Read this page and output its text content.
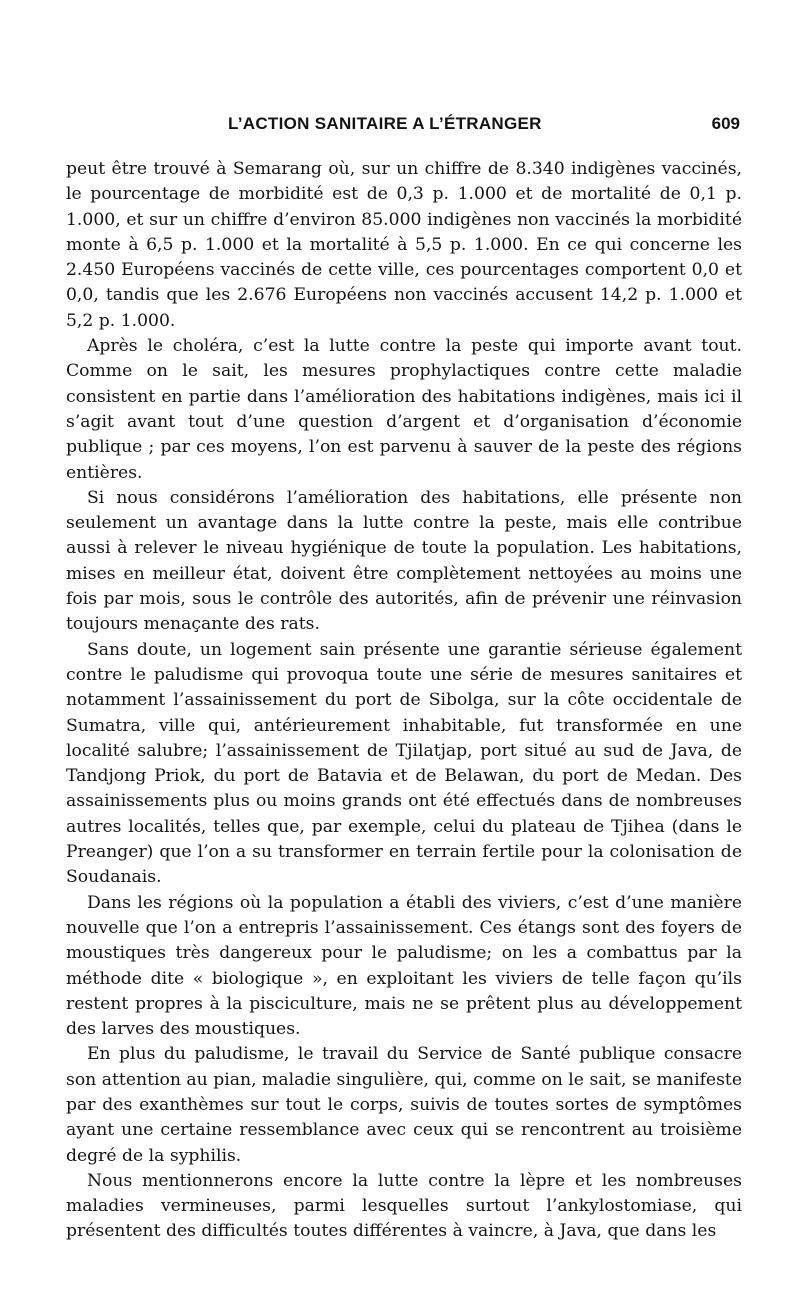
L’ACTION SANITAIRE A L’ÉTRANGER	609

peut être trouvé à Semarang où, sur un chiffre de 8.340 indigènes vaccinés, le pourcentage de morbidité est de 0,3 p. 1.000 et de mortalité de 0,1 p. 1.000, et sur un chiffre d’environ 85.000 indigènes non vaccinés la morbidité monte à 6,5 p. 1.000 et la mortalité à 5,5 p. 1.000. En ce qui concerne les 2.450 Européens vaccinés de cette ville, ces pourcentages comportent 0,0 et 0,0, tandis que les 2.676 Européens non vaccinés accusent 14,2 p. 1.000 et 5,2 p. 1.000.

Après le choléra, c’est la lutte contre la peste qui importe avant tout. Comme on le sait, les mesures prophylactiques contre cette maladie consistent en partie dans l’amélioration des habitations indigènes, mais ici il s’agit avant tout d’une question d’argent et d’organisation d’économie publique ; par ces moyens, l’on est parvenu à sauver de la peste des régions entières.

Si nous considérons l’amélioration des habitations, elle présente non seulement un avantage dans la lutte contre la peste, mais elle contribue aussi à relever le niveau hygiénique de toute la population. Les habitations, mises en meilleur état, doivent être complètement nettoyées au moins une fois par mois, sous le contrôle des autorités, afin de prévenir une réinvasion toujours menaçante des rats.

Sans doute, un logement sain présente une garantie sérieuse également contre le paludisme qui provoqua toute une série de mesures sanitaires et notamment l’assainissement du port de Sibolga, sur la côte occidentale de Sumatra, ville qui, antérieurement inhabitable, fut transformée en une localité salubre; l’assainissement de Tjilatjap, port situé au sud de Java, de Tandjong Priok, du port de Batavia et de Belawan, du port de Medan. Des assainissements plus ou moins grands ont été effectués dans de nombreuses autres localités, telles que, par exemple, celui du plateau de Tjihea (dans le Preanger) que l’on a su transformer en terrain fertile pour la colonisation de Soudanais.

Dans les régions où la population a établi des viviers, c’est d’une manière nouvelle que l’on a entrepris l’assainissement. Ces étangs sont des foyers de moustiques très dangereux pour le paludisme; on les a combattus par la méthode dite « biologique », en exploitant les viviers de telle façon qu’ils restent propres à la pisciculture, mais ne se prêtent plus au développement des larves des moustiques.

En plus du paludisme, le travail du Service de Santé publique consacre son attention au pian, maladie singulière, qui, comme on le sait, se manifeste par des exanthèmes sur tout le corps, suivis de toutes sortes de symptômes ayant une certaine ressemblance avec ceux qui se rencontrent au troisième degré de la syphilis.

Nous mentionnerons encore la lutte contre la lèpre et les nombreuses maladies vermineuses, parmi lesquelles surtout l’ankylostomiase, qui présentent des difficultés toutes différentes à vaincre, à Java, que dans les
